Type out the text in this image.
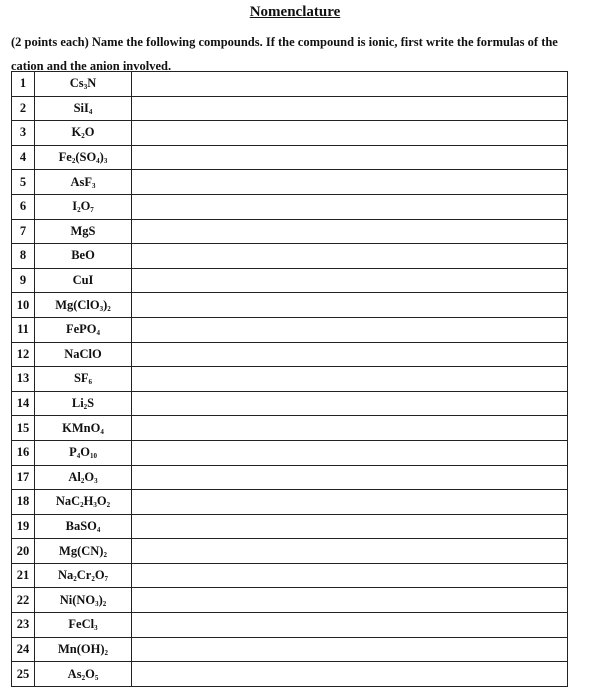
Nomenclature
(2 points each) Name the following compounds. If the compound is ionic, first write the formulas of the cation and the anion involved.
1	$Cs_3N$	
2	SiI$_4$	
3	$K_2O$	
4	$Fe_2(SO_4)_3$	
5	AsF$_3$	
6	$I_2O_7$	
7	MgS	
8	BeO	
9	CuI	
10	$Mg(ClO_3)_2$	
11	FePO$_4$	
12	NaClO	
13	$SF_6$	
14	$Li_2S$	
15	KMnO$_4$	
16	$P_4O_{10}$	
17	$Al_2O_3$	
18	$NaC_2H_3O_2$	
19	BaSO$_4$	
20	$Mg(CN)_2$	
21	$Na_2Cr_2O_7$	
22	$Ni(NO_3)_2$	
23	FeCl$_3$	
24	$Mn(OH)_2$	
25	$As_2O_5$	
